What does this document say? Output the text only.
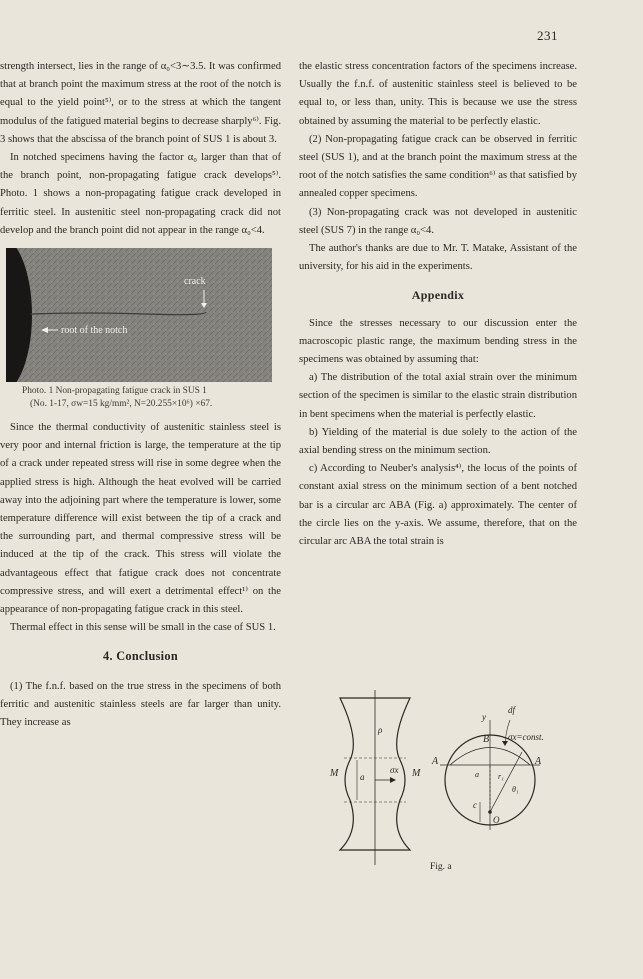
231

strength intersect, lies in the range of α₀<3∼3.5. It was confirmed that at branch point the maximum stress at the root of the notch is equal to the yield point⁵⁾, or to the stress at which the tangent modulus of the fatigued material begins to decrease sharply⁶⁾. Fig. 3 shows that the abscissa of the branch point of SUS 1 is about 3.

In notched specimens having the factor α₀ larger than that of the branch point, non-propagating fatigue crack develops⁵⁾. Photo. 1 shows a non-propagating fatigue crack developed in ferritic steel. In austenitic steel non-propagating crack did not develop and the branch point did not appear in the range α₀<4.

crack
root of the notch
Photo. 1 Non-propagating fatigue crack in SUS 1
(No. 1-17, σw=15 kg/mm², N=20.255×10⁶) ×67.

Since the thermal conductivity of austenitic stainless steel is very poor and internal friction is large, the temperature at the tip of a crack under repeated stress will rise in some degree when the applied stress is high. Although the heat evolved will be carried away into the adjoining part where the temperature is lower, some temperature difference will exist between the tip of a crack and the surrounding part, and thermal compressive stress will be induced at the tip of the crack. This stress will violate the advantageous effect that fatigue crack does not concentrate compressive stress, and will exert a detrimental effect¹⁾ on the appearance of non-propagating fatigue crack in this steel.

Thermal effect in this sense will be small in the case of SUS 1.

4. Conclusion

(1) The f.n.f. based on the true stress in the specimens of both ferritic and austenitic stainless steels are far larger than unity. They increase as

the elastic stress concentration factors of the specimens increase. Usually the f.n.f. of austenitic stainless steel is believed to be equal to, or less than, unity. This is because we use the stress obtained by assuming the material to be perfectly elastic.

(2) Non-propagating fatigue crack can be observed in ferritic steel (SUS 1), and at the branch point the maximum stress at the root of the notch satisfies the same condition⁶⁾ as that satisfied by annealed copper specimens.

(3) Non-propagating crack was not developed in austenitic steel (SUS 7) in the range α₀<4.

The author's thanks are due to Mr. T. Matake, Assistant of the university, for his aid in the experiments.

Appendix

Since the stresses necessary to our discussion enter the macroscopic plastic range, the maximum bending stress in the specimens was obtained by assuming that:

a) The distribution of the total axial strain over the minimum section of the specimen is similar to the elastic strain distribution in bent specimens when the material is perfectly elastic.

b) Yielding of the material is due solely to the action of the axial bending stress on the minimum section.

c) According to Neuber's analysis⁴⁾, the locus of the points of constant axial stress on the minimum section of a bent notched bar is a circular arc ABA (Fig. a) approximately. The center of the circle lies on the y-axis. We assume, therefore, that on the circular arc ABA the total strain is

ρ
σx
a
M	M
A	A
B
y
df
σx=const.
r₁
θ₁
c
O
a
Fig. a
